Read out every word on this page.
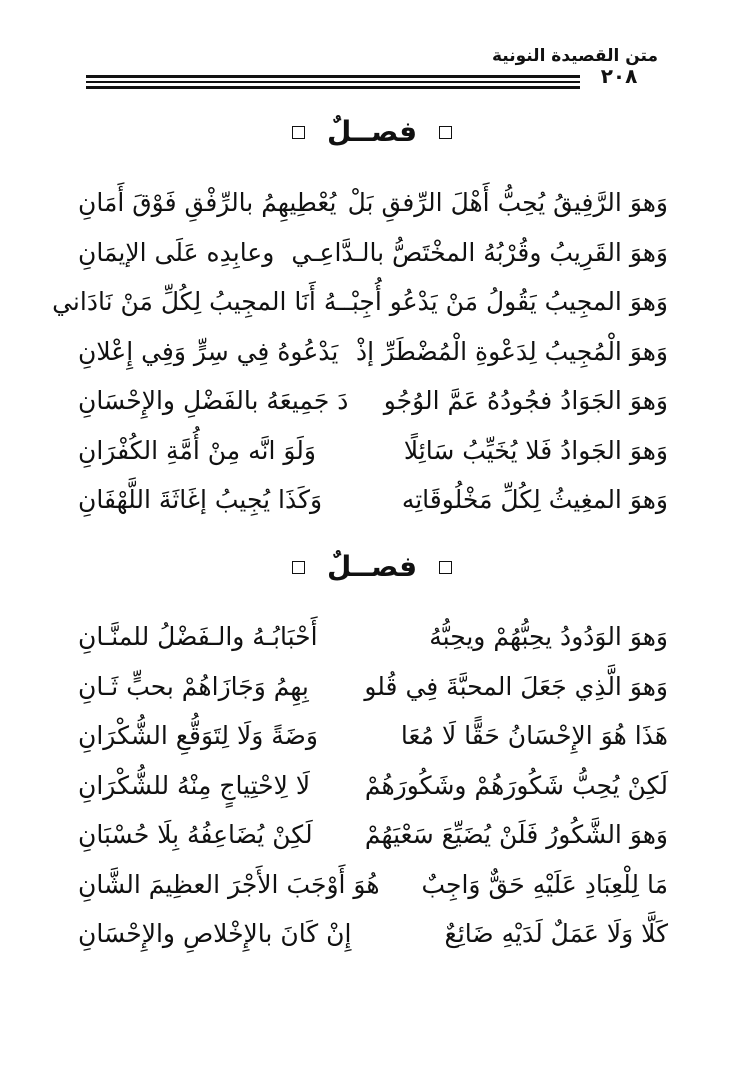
متن القصيدة النونية
٢٠٨
فصــلٌ
وَهوَ الرَّفِيقُ يُحِبُّ أَهْلَ الرِّفقِ بَلْ
يُعْطِيهِمُ بالرِّفْقِ فَوْقَ أَمَانِ
وَهوَ القَرِيبُ وقُرْبُهُ المخْتَصُّ بالـدَّاعِـي
وعابِدِه عَلَى الإيمَانِ
وَهوَ المجِيبُ يَقُولُ مَنْ يَدْعُو أُجِبْـ
ـهُ أَنَا المجِيبُ لِكُلِّ مَنْ نَادَاني
وَهوَ الْمُجِيبُ لِدَعْوةِ الْمُضْطَرِّ إذْ
يَدْعُوهُ فِي سِرٍّ وَفِي إِعْلانِ
وَهوَ الجَوَادُ فجُودُهُ عَمَّ الوُجُو
دَ جَمِيعَهُ بالفَضْلِ والإِحْسَانِ
وَهوَ الجَوادُ فَلا يُخَيِّبُ سَائِلًا
وَلَوَ انَّه مِنْ أُمَّةِ الكُفْرَانِ
وَهوَ المغِيثُ لِكُلِّ مَخْلُوقَاتِه
وَكَذَا يُجِيبُ إغَاثَةَ اللَّهْفَانِ
فصــلٌ
وَهوَ الوَدُودُ يحِبُّهُمْ ويحِبُّهُ
أَحْبَابُـهُ والـفَضْلُ للمنَّـانِ
وَهوَ الَّذِي جَعَلَ المحبَّةَ فِي قُلو
بِهِمُ وَجَازَاهُمْ بحبٍّ ثَـانِ
هَذَا هُوَ الإِحْسَانُ حَقًّا لَا مُعَا
وَضَةً وَلَا لِتَوَقُّعِ الشُّكْرَانِ
لَكِنْ يُحِبُّ شَكُورَهُمْ وشَكُورَهُمْ
لَا لِاحْتِياجٍ مِنْهُ للشُّكْرَانِ
وَهوَ الشَّكُورُ فَلَنْ يُضَيِّعَ سَعْيَهُمْ
لَكِنْ يُضَاعِفُهُ بِلَا حُسْبَانِ
مَا لِلْعِبَادِ عَلَيْهِ حَقٌّ وَاجِبٌ
هُوَ أَوْجَبَ الأَجْرَ العظِيمَ الشَّانِ
كَلَّا وَلَا عَمَلٌ لَدَيْهِ ضَائِعٌ
إِنْ كَانَ بالإِخْلاصِ والإِحْسَانِ
